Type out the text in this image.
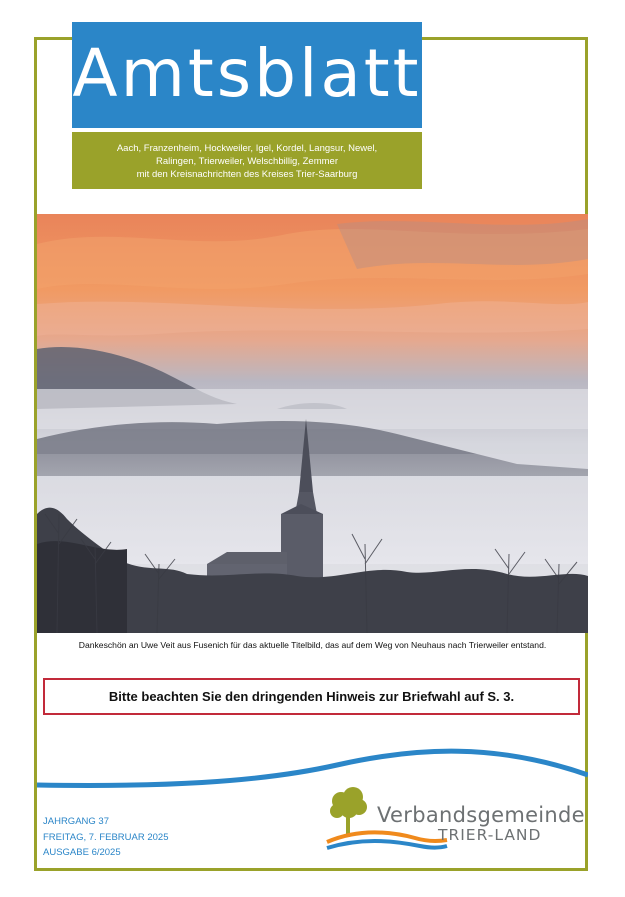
Amtsblatt
Aach, Franzenheim, Hockweiler, Igel, Kordel, Langsur, Newel,
Ralingen, Trierweiler, Welschbillig, Zemmer
mit den Kreisnachrichten des Kreises Trier-Saarburg
Dankeschön an Uwe Veit aus Fusenich für das aktuelle Titelbild, das auf dem Weg von Neuhaus nach Trierweiler entstand.
Bitte beachten Sie den dringenden Hinweis zur Briefwahl auf S. 3.
JAHRGANG 37
FREITAG, 7. FEBRUAR 2025
AUSGABE 6/2025
Verbandsgemeinde
TRIER-LAND
